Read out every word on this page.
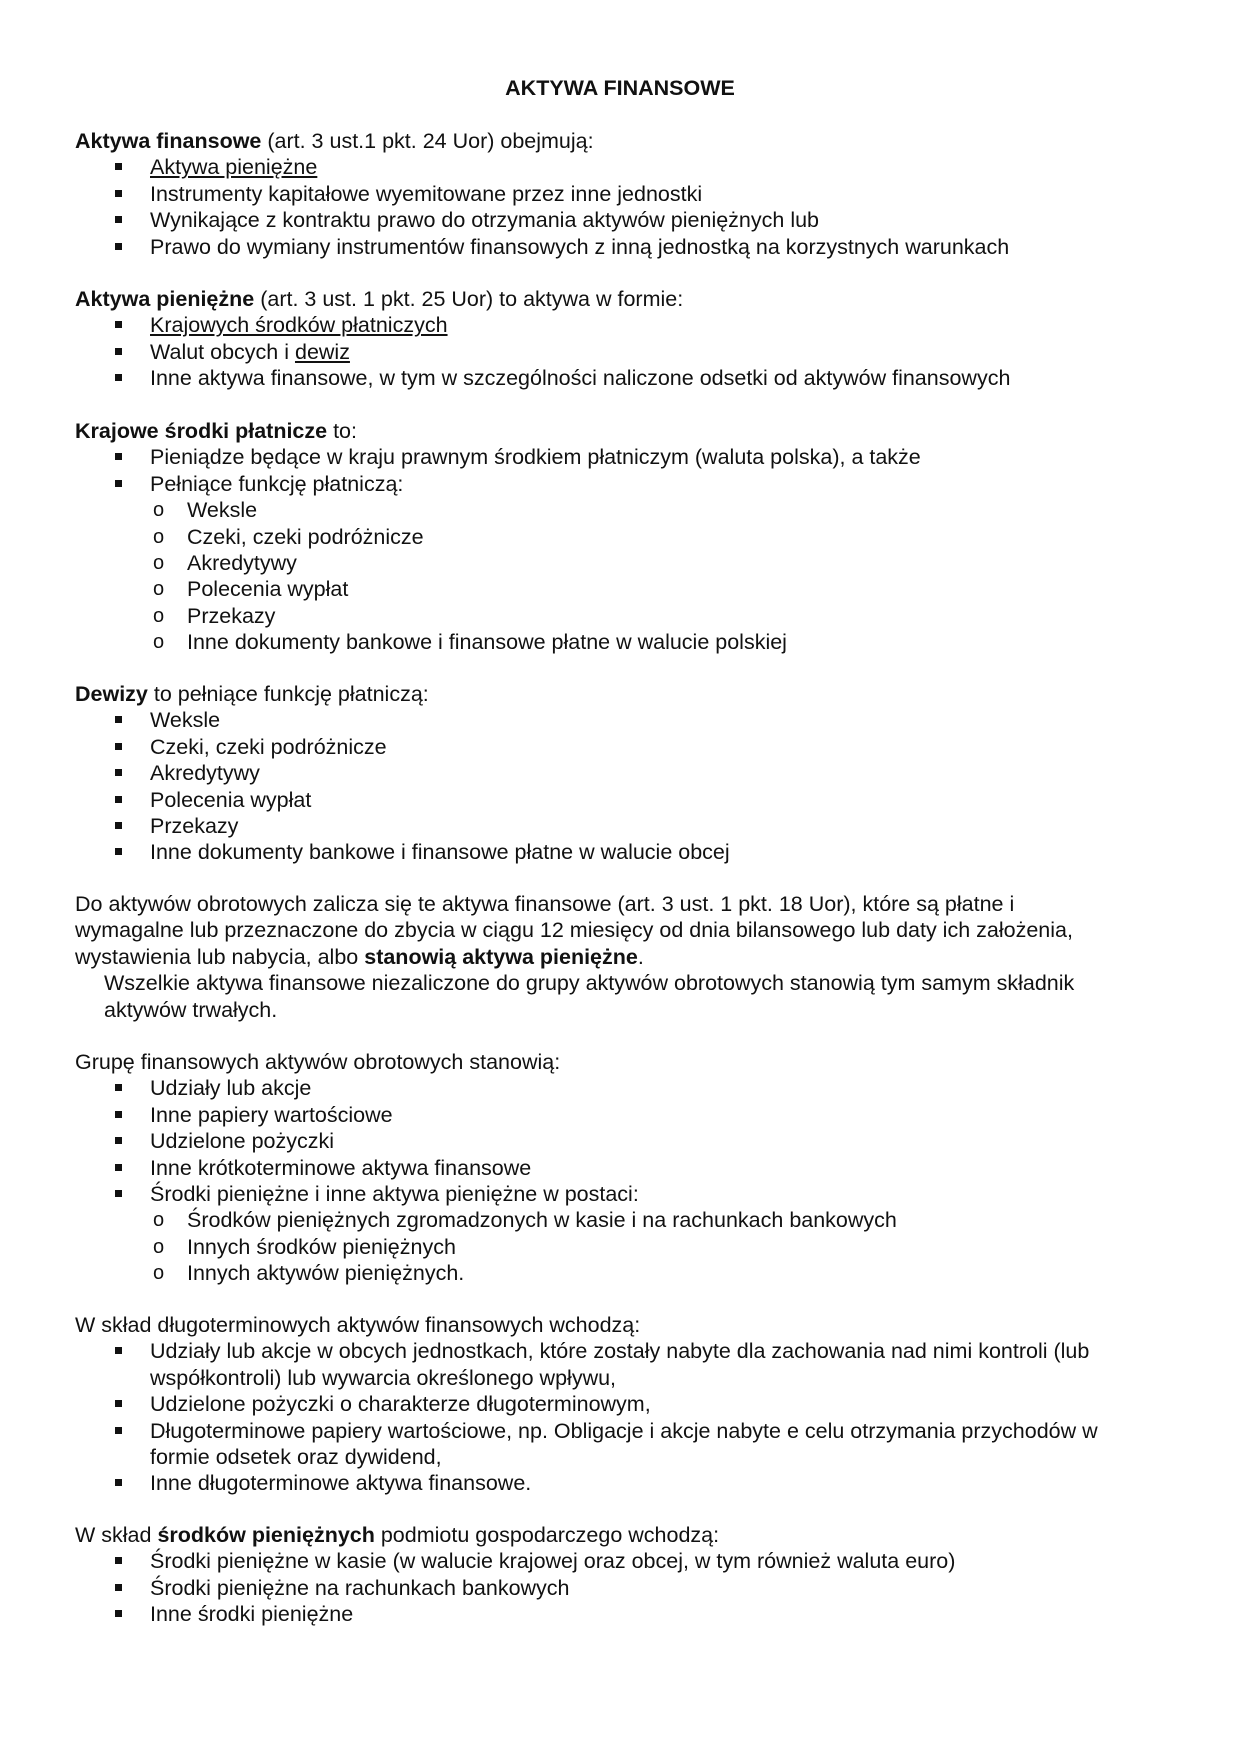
AKTYWA FINANSOWE

Aktywa finansowe (art. 3 ust.1 pkt. 24 Uor) obejmują:

Aktywa pieniężne
Instrumenty kapitałowe wyemitowane przez inne jednostki
Wynikające z kontraktu prawo do otrzymania aktywów pieniężnych lub
Prawo do wymiany instrumentów finansowych z inną jednostką na korzystnych warunkach

Aktywa pieniężne (art. 3 ust. 1 pkt. 25 Uor) to aktywa w formie:

Krajowych środków płatniczych
Walut obcych i dewiz
Inne aktywa finansowe, w tym w szczególności naliczone odsetki od aktywów finansowych

Krajowe środki płatnicze to:

Pieniądze będące w kraju prawnym środkiem płatniczym (waluta polska), a także
Pełniące funkcję płatniczą:
o Weksle
o Czeki, czeki podróżnicze
o Akredytywy
o Polecenia wypłat
o Przekazy
o Inne dokumenty bankowe i finansowe płatne w walucie polskiej

Dewizy to pełniące funkcję płatniczą:

Weksle
Czeki, czeki podróżnicze
Akredytywy
Polecenia wypłat
Przekazy
Inne dokumenty bankowe i finansowe płatne w walucie obcej

Do aktywów obrotowych zalicza się te aktywa finansowe (art. 3 ust. 1 pkt. 18 Uor), które są płatne i

wymagalne lub przeznaczone do zbycia w ciągu 12 miesięcy od dnia bilansowego lub daty ich założenia,

wystawienia lub nabycia, albo stanowią aktywa pieniężne.

Wszelkie aktywa finansowe niezaliczone do grupy aktywów obrotowych stanowią tym samym składnik

aktywów trwałych.

Grupę finansowych aktywów obrotowych stanowią:

Udziały lub akcje
Inne papiery wartościowe
Udzielone pożyczki
Inne krótkoterminowe aktywa finansowe
Środki pieniężne i inne aktywa pieniężne w postaci:
o Środków pieniężnych zgromadzonych w kasie i na rachunkach bankowych
o Innych środków pieniężnych
o Innych aktywów pieniężnych.

W skład długoterminowych aktywów finansowych wchodzą:

Udziały lub akcje w obcych jednostkach, które zostały nabyte dla zachowania nad nimi kontroli (lub
współkontroli) lub wywarcia określonego wpływu,
Udzielone pożyczki o charakterze długoterminowym,
Długoterminowe papiery wartościowe, np. Obligacje i akcje nabyte e celu otrzymania przychodów w
formie odsetek oraz dywidend,
Inne długoterminowe aktywa finansowe.

W skład środków pieniężnych podmiotu gospodarczego wchodzą:

Środki pieniężne w kasie (w walucie krajowej oraz obcej, w tym również waluta euro)
Środki pieniężne na rachunkach bankowych
Inne środki pieniężne
